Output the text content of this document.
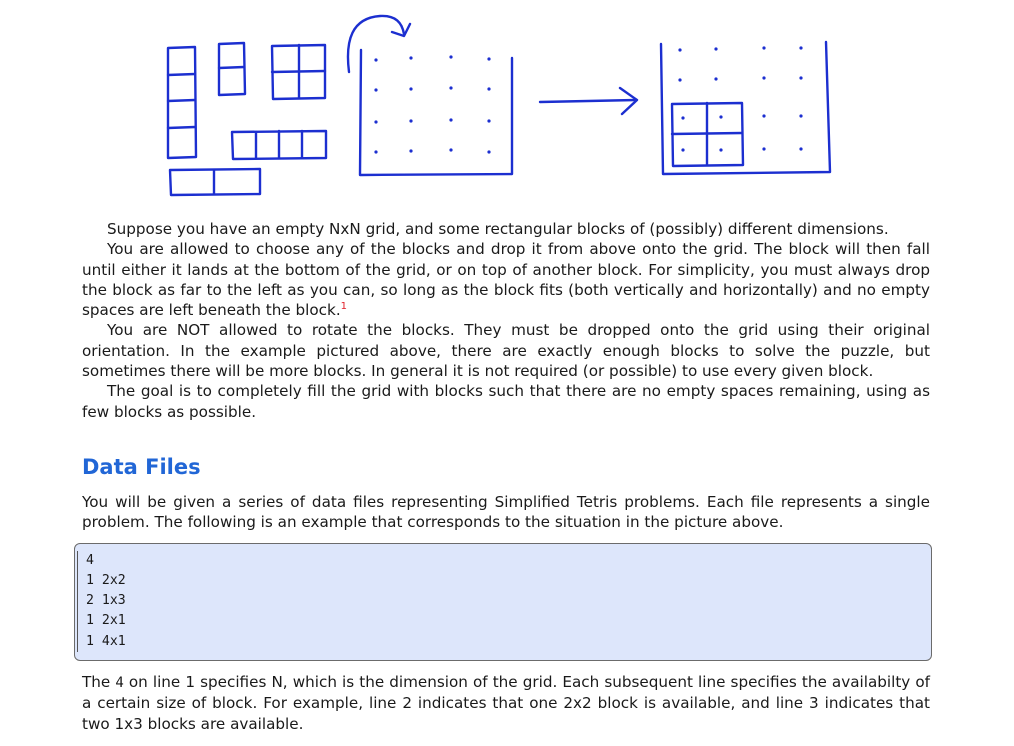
Suppose you have an empty NxN grid, and some rectangular blocks of (possibly) different dimensions.

You are allowed to choose any of the blocks and drop it from above onto the grid. The block will then fall until either it lands at the bottom of the grid, or on top of another block. For simplicity, you must always drop the block as far to the left as you can, so long as the block fits (both vertically and horizontally) and no empty spaces are left beneath the block.$^1$

You are NOT allowed to rotate the blocks. They must be dropped onto the grid using their original orientation. In the example pictured above, there are exactly enough blocks to solve the puzzle, but sometimes there will be more blocks. In general it is not required (or possible) to use every given block.

The goal is to completely fill the grid with blocks such that there are no empty spaces remaining, using as few blocks as possible.

Data Files

You will be given a series of data files representing Simplified Tetris problems. Each file represents a single problem. The following is an example that corresponds to the situation in the picture above.

4
1 2x2
2 1x3
1 2x1
1 4x1

The 4 on line 1 specifies N, which is the dimension of the grid. Each subsequent line specifies the availabilty of a certain size of block. For example, line 2 indicates that one 2x2 block is available, and line 3 indicates that two 1x3 blocks are available.
